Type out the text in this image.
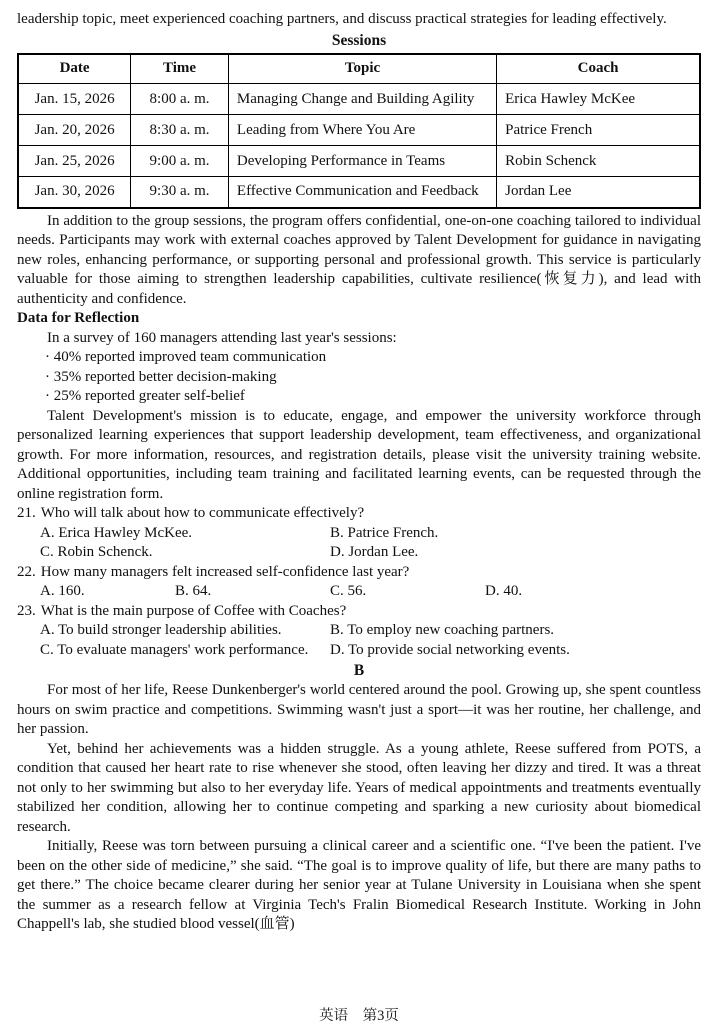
leadership topic, meet experienced coaching partners, and discuss practical strategies for leading effectively.

Sessions
Date	Time	Topic	Coach
Jan. 15, 2026	8:00 a. m.	Managing Change and Building Agility	Erica Hawley McKee
Jan. 20, 2026	8:30 a. m.	Leading from Where You Are	Patrice French
Jan. 25, 2026	9:00 a. m.	Developing Performance in Teams	Robin Schenck
Jan. 30, 2026	9:30 a. m.	Effective Communication and Feedback	Jordan Lee

In addition to the group sessions, the program offers confidential, one-on-one coaching tailored to individual needs. Participants may work with external coaches approved by Talent Development for guidance in navigating new roles, enhancing performance, or supporting personal and professional growth. This service is particularly valuable for those aiming to strengthen leadership capabilities, cultivate resilience(恢复力), and lead with authenticity and confidence.

Data for Reflection

In a survey of 160 managers attending last year's sessions:

· 40% reported improved team communication
· 35% reported better decision-making
· 25% reported greater self-belief

Talent Development's mission is to educate, engage, and empower the university workforce through personalized learning experiences that support leadership development, team effectiveness, and organizational growth. For more information, resources, and registration details, please visit the university training website. Additional opportunities, including team training and facilitated learning events, can be requested through the online registration form.

21. Who will talk about how to communicate effectively?
A. Erica Hawley McKee.	B. Patrice French.
C. Robin Schenck.	D. Jordan Lee.
22. How many managers felt increased self-confidence last year?
A. 160.	B. 64.	C. 56.	D. 40.
23. What is the main purpose of Coffee with Coaches?
A. To build stronger leadership abilities.	B. To employ new coaching partners.
C. To evaluate managers' work performance.	D. To provide social networking events.
B

For most of her life, Reese Dunkenberger's world centered around the pool. Growing up, she spent countless hours on swim practice and competitions. Swimming wasn't just a sport—it was her routine, her challenge, and her passion.

Yet, behind her achievements was a hidden struggle. As a young athlete, Reese suffered from POTS, a condition that caused her heart rate to rise whenever she stood, often leaving her dizzy and tired. It was a threat not only to her swimming but also to her everyday life. Years of medical appointments and treatments eventually stabilized her condition, allowing her to continue competing and sparking a new curiosity about biomedical research.

Initially, Reese was torn between pursuing a clinical career and a scientific one. “I've been the patient. I've been on the other side of medicine,” she said. “The goal is to improve quality of life, but there are many paths to get there.” The choice became clearer during her senior year at Tulane University in Louisiana when she spent the summer as a research fellow at Virginia Tech's Fralin Biomedical Research Institute. Working in John Chappell's lab, she studied blood vessel(血管)

英语　第3页
